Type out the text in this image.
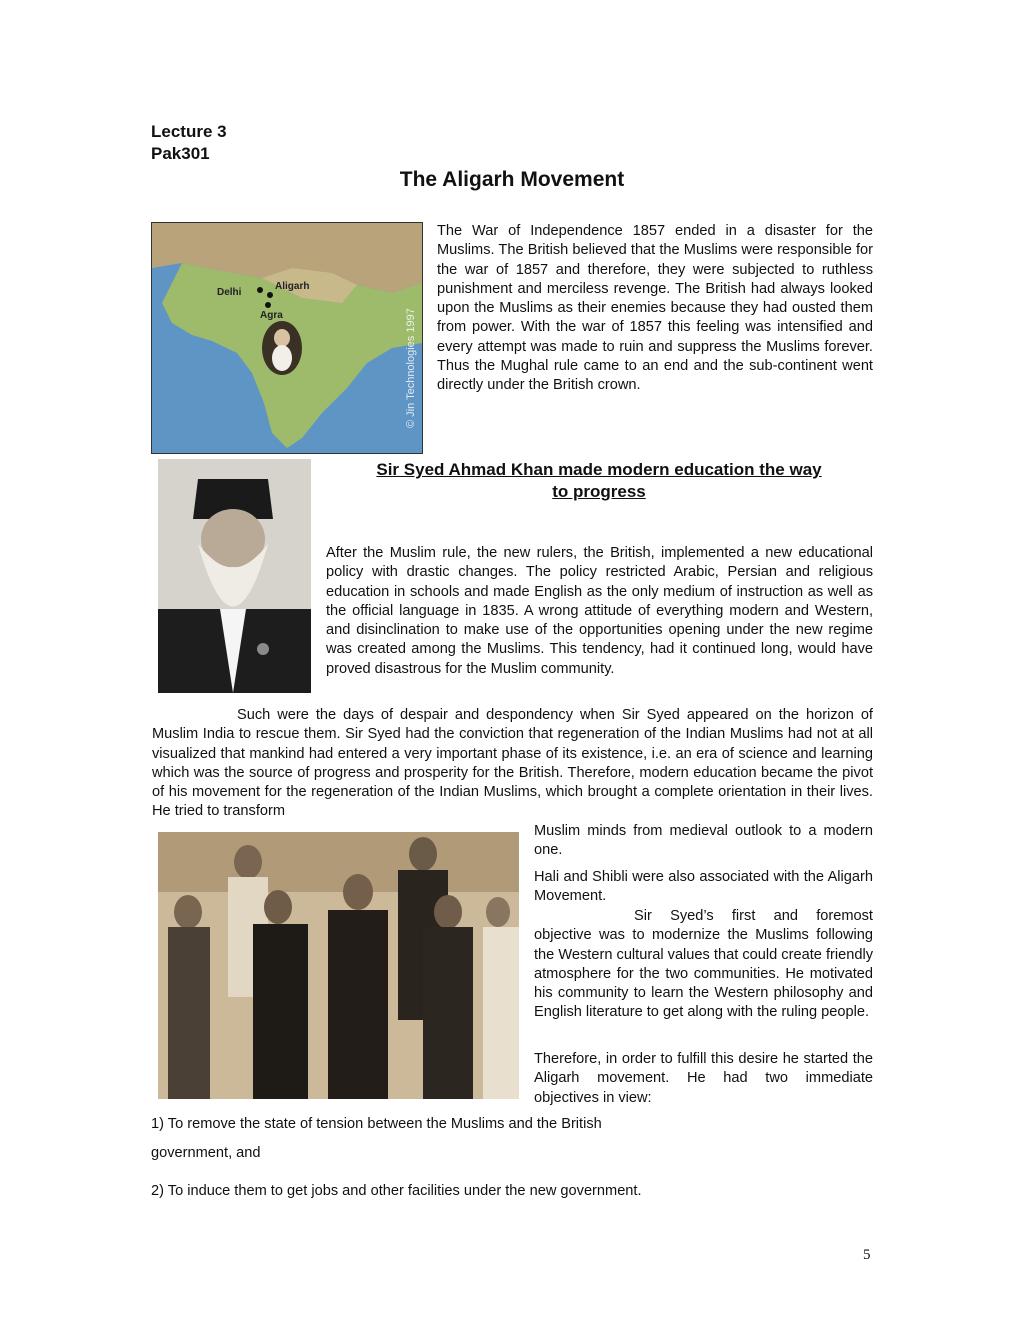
Lecture 3
Pak301
The Aligarh Movement
Delhi
Aligarh
Agra	© Jin Technologies 1997
The War of Independence 1857 ended in a disaster for the Muslims. The British believed that the Muslims were responsible for the war of 1857 and therefore, they were subjected to ruthless punishment and merciless revenge. The British had always looked upon the Muslims as their enemies because they had ousted them from power. With the war of 1857 this feeling was intensified and every attempt was made to ruin and suppress the Muslims forever. Thus the Mughal rule came to an end and the sub-continent went directly under the British crown.
Sir Syed Ahmad Khan made modern education the way
to progress
After the Muslim rule, the new rulers, the British, implemented a new educational policy with drastic changes. The policy restricted Arabic, Persian and religious education in schools and made English as the only medium of instruction as well as the official language in 1835. A wrong attitude of everything modern and Western, and disinclination to make use of the opportunities opening under the new regime was created among the Muslims. This tendency, had it continued long, would have proved disastrous for the Muslim community.
Such were the days of despair and despondency when Sir Syed appeared on the horizon of Muslim India to rescue them. Sir Syed had the conviction that regeneration of the Indian Muslims had not at all visualized that mankind had entered a very important phase of its existence, i.e. an era of science and learning which was the source of progress and prosperity for the British. Therefore, modern education became the pivot of his movement for the regeneration of the Indian Muslims, which brought a complete orientation in their lives. He tried to transform
Muslim minds from medieval outlook to a modern one.
Hali and Shibli were also associated with the Aligarh Movement.
Sir Syed’s first and foremost objective was to modernize the Muslims following the Western cultural values that could create friendly atmosphere for the two communities. He motivated his community to learn the Western philosophy and English literature to get along with the ruling people.
Therefore, in order to fulfill this desire he started the Aligarh movement. He had two immediate objectives in view:
1) To remove the state of tension between the Muslims and the British
government, and
2) To induce them to get jobs and other facilities under the new government.
5
